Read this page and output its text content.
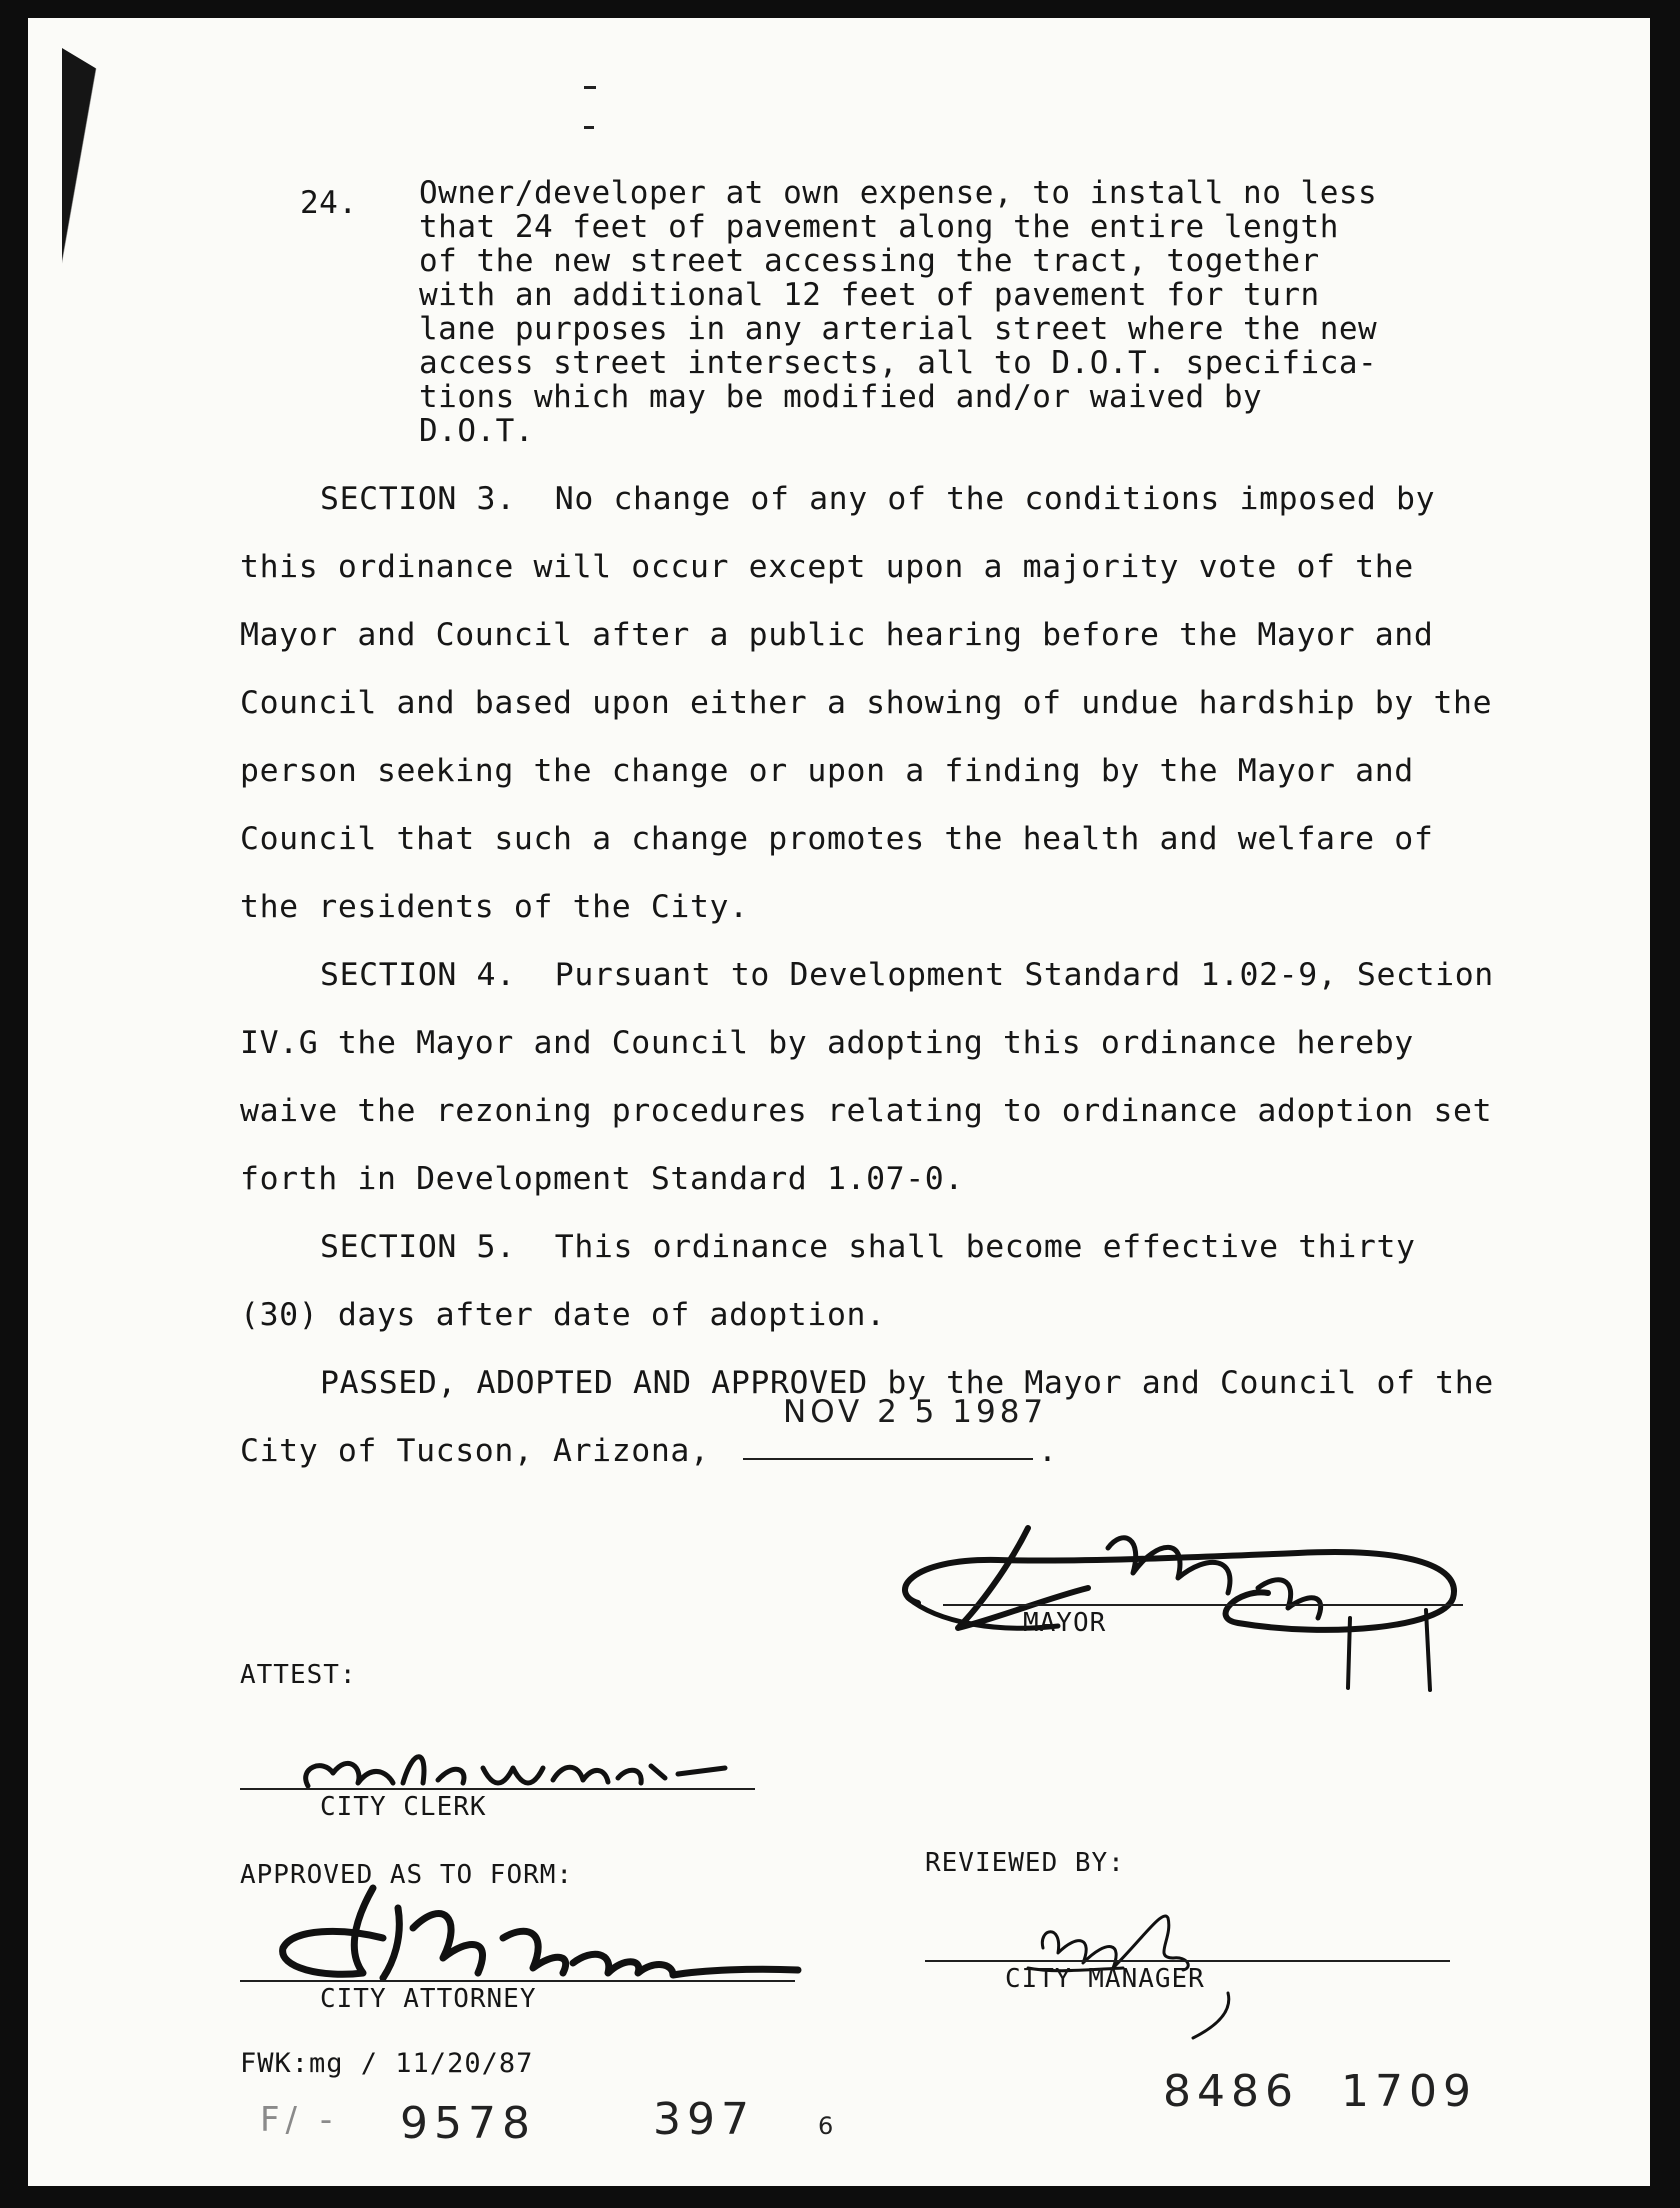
24. Owner/developer at own expense, to install no less
that 24 feet of pavement along the entire length
of the new street accessing the tract, together
with an additional 12 feet of pavement for turn
lane purposes in any arterial street where the new
access street intersects, all to D.O.T. specifica-
tions which may be modified and/or waived by
D.O.T.
SECTION 3.  No change of any of the conditions imposed by
this ordinance will occur except upon a majority vote of the
Mayor and Council after a public hearing before the Mayor and
Council and based upon either a showing of undue hardship by the
person seeking the change or upon a finding by the Mayor and
Council that such a change promotes the health and welfare of
the residents of the City.
SECTION 4.  Pursuant to Development Standard 1.02-9, Section
IV.G the Mayor and Council by adopting this ordinance hereby
waive the rezoning procedures relating to ordinance adoption set
forth in Development Standard 1.07-0.
SECTION 5.  This ordinance shall become effective thirty
(30) days after date of adoption.
PASSED, ADOPTED AND APPROVED by the Mayor and Council of the
City of Tucson, Arizona,
NOV 2 5 1987
.
MAYOR
ATTEST:
CITY CLERK
APPROVED AS TO FORM:
CITY ATTORNEY
REVIEWED BY:
CITY MANAGER
FWK:mg / 11/20/87
F/ - 9578	397	6
8486 1709
